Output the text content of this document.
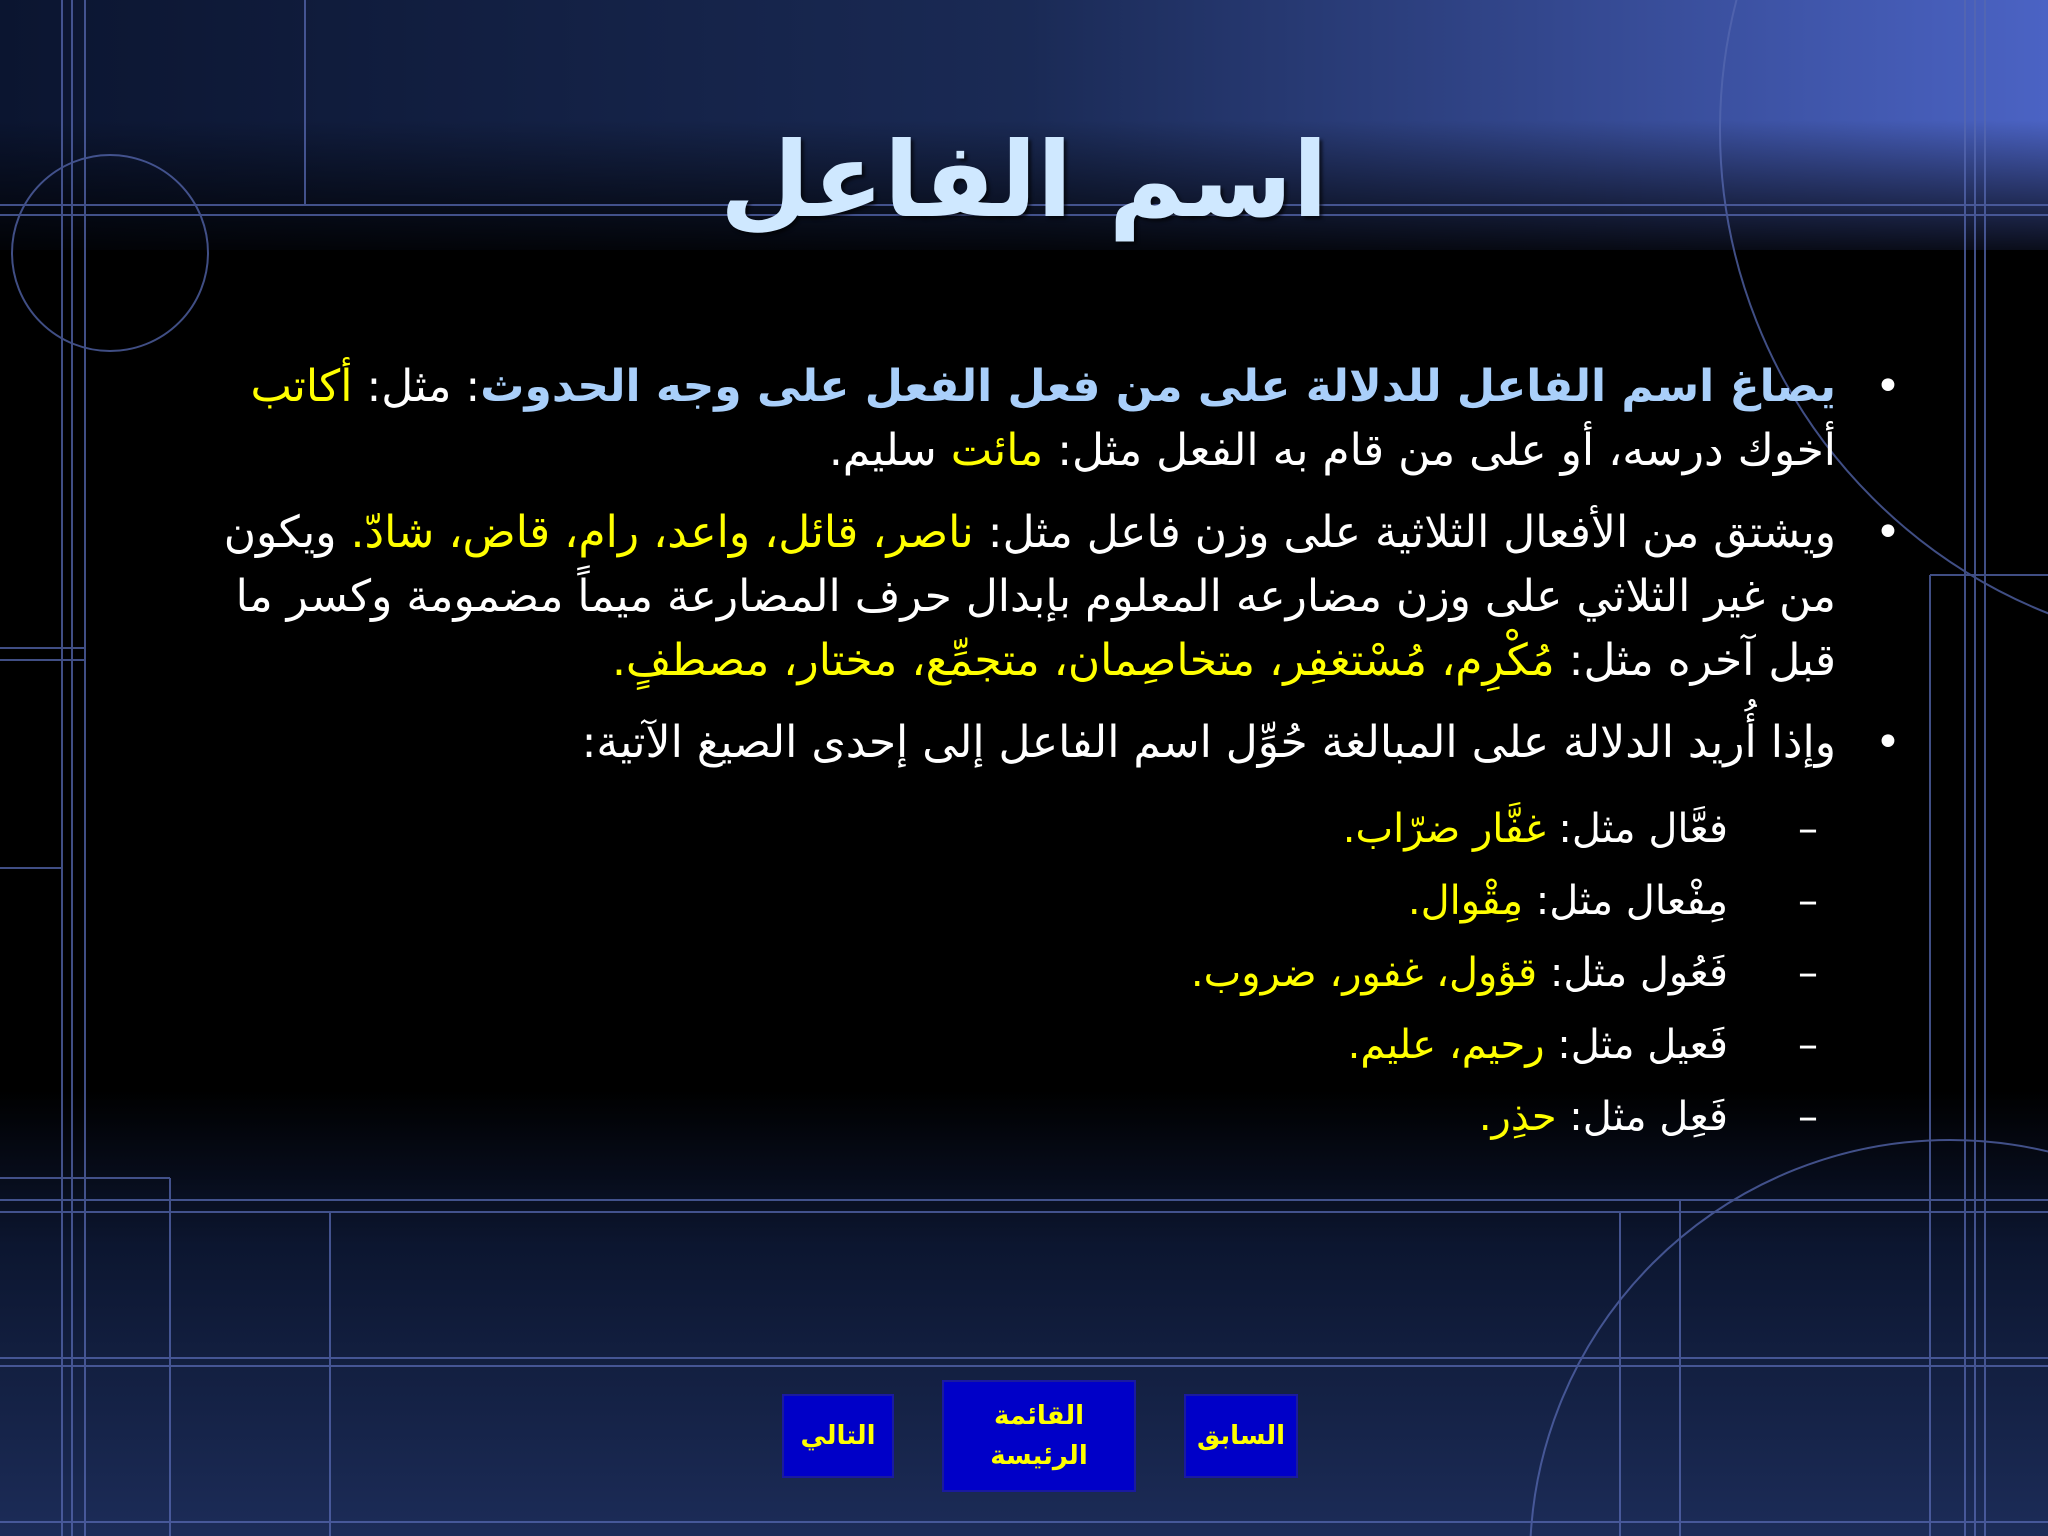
اسم الفاعل
•
يصاغ اسم الفاعل للدلالة على من فعل الفعل على وجه الحدوث: مثل: أكاتب أخوك درسه، أو على من قام به الفعل مثل: مائت سليم.
•
ويشتق من الأفعال الثلاثية على وزن فاعل مثل: ناصر، قائل، واعد، رام، قاض، شادّ. ويكون من غير الثلاثي على وزن مضارعه المعلوم بإبدال حرف المضارعة ميماً مضمومة وكسر ما قبل آخره مثل: مُكْرِم، مُسْتغفِر، متخاصِمان، متجمِّع، مختار، مصطفٍ.
•
وإذا أُريد الدلالة على المبالغة حُوِّل اسم الفاعل إلى إحدى الصيغ الآتية:
–
فعَّال مثل: غفَّار ضرّاب.
–
مِفْعال مثل: مِقْوال.
–
فَعُول مثل: قؤول، غفور، ضروب.
–
فَعيل مثل: رحيم، عليم.
–
فَعِل مثل: حذِر.
التالي
القائمة
الرئيسة
السابق
